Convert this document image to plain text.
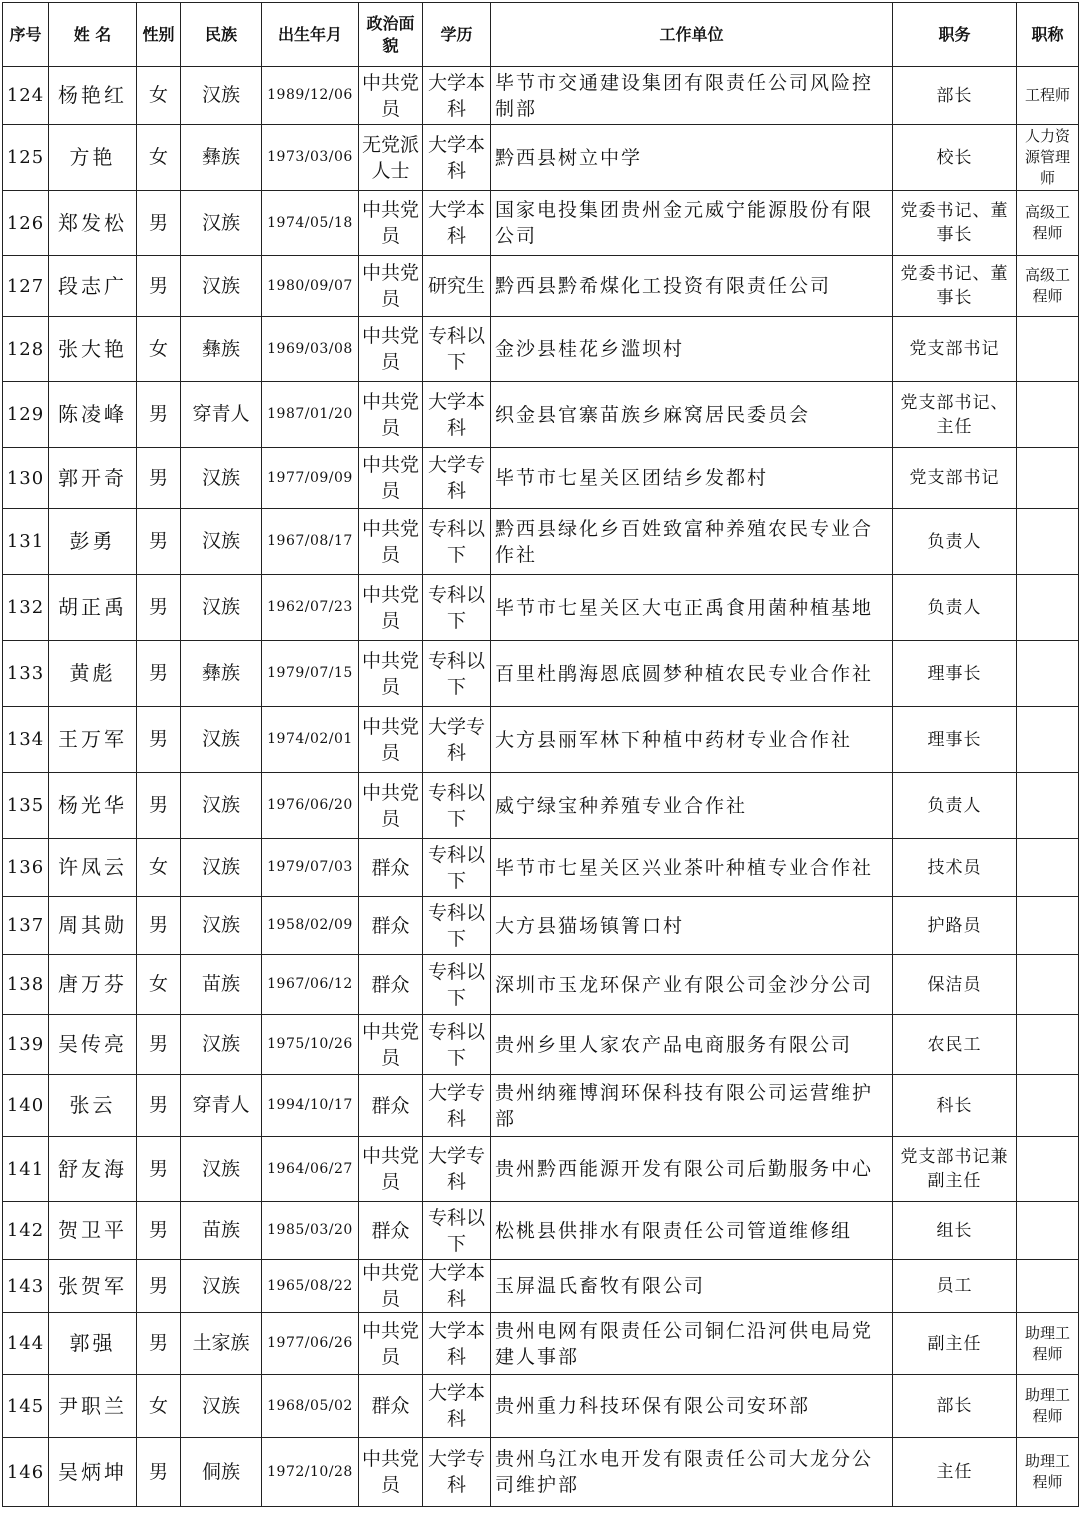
序号	姓 名	性别	民族	出生年月	政治面貌	学历	工作单位	职务	职称
124	杨艳红	女	汉族	1989/12/06	中共党员	大学本科	毕节市交通建设集团有限责任公司风险控制部	部长	工程师
125	方艳	女	彝族	1973/03/06	无党派人士	大学本科	黔西县树立中学	校长	人力资源管理师
126	郑发松	男	汉族	1974/05/18	中共党员	大学本科	国家电投集团贵州金元威宁能源股份有限公司	党委书记、董事长	高级工程师
127	段志广	男	汉族	1980/09/07	中共党员	研究生	黔西县黔希煤化工投资有限责任公司	党委书记、董事长	高级工程师
128	张大艳	女	彝族	1969/03/08	中共党员	专科以下	金沙县桂花乡滥坝村	党支部书记	
129	陈凌峰	男	穿青人	1987/01/20	中共党员	大学本科	织金县官寨苗族乡麻窝居民委员会	党支部书记、主任	
130	郭开奇	男	汉族	1977/09/09	中共党员	大学专科	毕节市七星关区团结乡发都村	党支部书记	
131	彭勇	男	汉族	1967/08/17	中共党员	专科以下	黔西县绿化乡百姓致富种养殖农民专业合作社	负责人	
132	胡正禹	男	汉族	1962/07/23	中共党员	专科以下	毕节市七星关区大屯正禹食用菌种植基地	负责人	
133	黄彪	男	彝族	1979/07/15	中共党员	专科以下	百里杜鹃海恩底圆梦种植农民专业合作社	理事长	
134	王万军	男	汉族	1974/02/01	中共党员	大学专科	大方县丽军林下种植中药材专业合作社	理事长	
135	杨光华	男	汉族	1976/06/20	中共党员	专科以下	威宁绿宝种养殖专业合作社	负责人	
136	许凤云	女	汉族	1979/07/03	群众	专科以下	毕节市七星关区兴业茶叶种植专业合作社	技术员	
137	周其勋	男	汉族	1958/02/09	群众	专科以下	大方县猫场镇箐口村	护路员	
138	唐万芬	女	苗族	1967/06/12	群众	专科以下	深圳市玉龙环保产业有限公司金沙分公司	保洁员	
139	吴传亮	男	汉族	1975/10/26	中共党员	专科以下	贵州乡里人家农产品电商服务有限公司	农民工	
140	张云	男	穿青人	1994/10/17	群众	大学专科	贵州纳雍博润环保科技有限公司运营维护部	科长	
141	舒友海	男	汉族	1964/06/27	中共党员	大学专科	贵州黔西能源开发有限公司后勤服务中心	党支部书记兼副主任	
142	贺卫平	男	苗族	1985/03/20	群众	专科以下	松桃县供排水有限责任公司管道维修组	组长	
143	张贺军	男	汉族	1965/08/22	中共党员	大学本科	玉屏温氏畜牧有限公司	员工	
144	郭强	男	土家族	1977/06/26	中共党员	大学本科	贵州电网有限责任公司铜仁沿河供电局党建人事部	副主任	助理工程师
145	尹职兰	女	汉族	1968/05/02	群众	大学本科	贵州重力科技环保有限公司安环部	部长	助理工程师
146	吴炳坤	男	侗族	1972/10/28	中共党员	大学专科	贵州乌江水电开发有限责任公司大龙分公司维护部	主任	助理工程师
